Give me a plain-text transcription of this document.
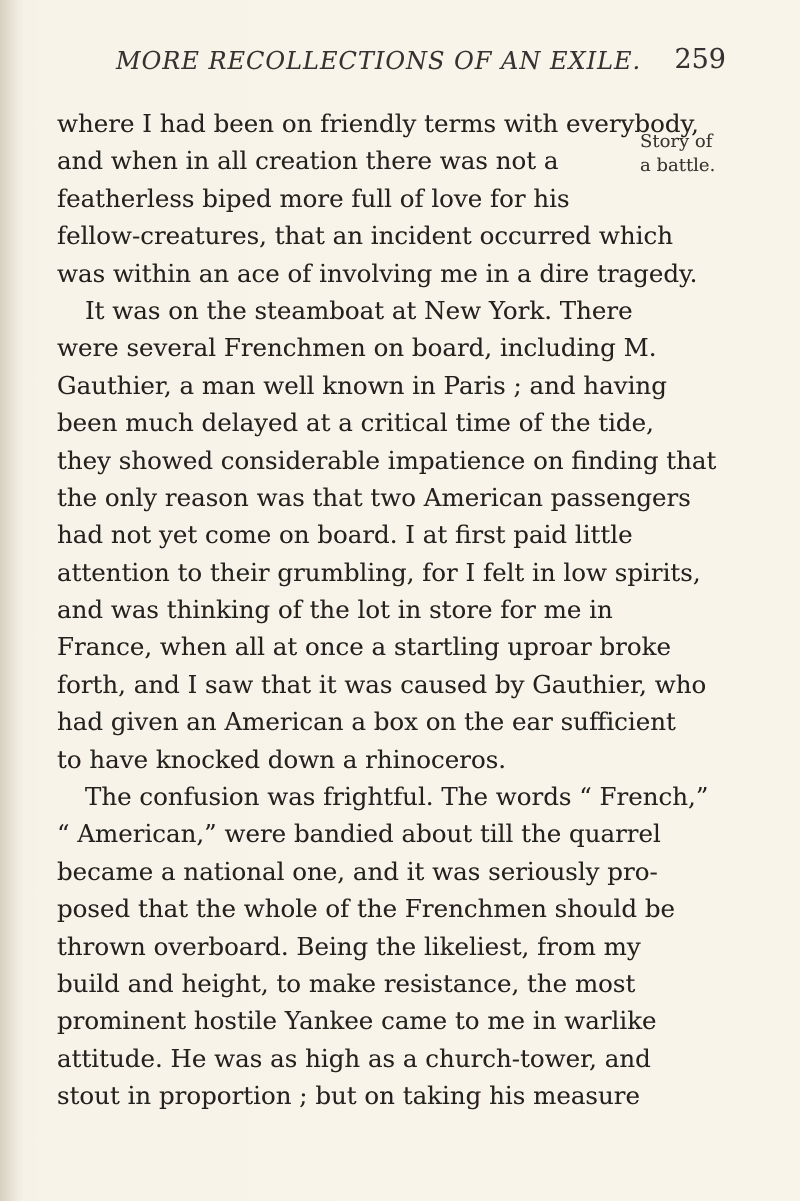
MORE RECOLLECTIONS OF AN EXILE. 259
Story of
a battle.
where I had been on friendly terms with everybody,
and when in all creation there was not a
featherless biped more full of love for his
fellow-creatures, that an incident occurred which
was within an ace of involving me in a dire tragedy.
It was on the steamboat at New York. There
were several Frenchmen on board, including M.
Gauthier, a man well known in Paris ; and having
been much delayed at a critical time of the tide,
they showed considerable impatience on finding that
the only reason was that two American passengers
had not yet come on board. I at first paid little
attention to their grumbling, for I felt in low spirits,
and was thinking of the lot in store for me in
France, when all at once a startling uproar broke
forth, and I saw that it was caused by Gauthier, who
had given an American a box on the ear sufficient
to have knocked down a rhinoceros.
The confusion was frightful. The words “ French,”
“ American,” were bandied about till the quarrel
became a national one, and it was seriously pro-
posed that the whole of the Frenchmen should be
thrown overboard. Being the likeliest, from my
build and height, to make resistance, the most
prominent hostile Yankee came to me in warlike
attitude. He was as high as a church-tower, and
stout in proportion ; but on taking his measure
